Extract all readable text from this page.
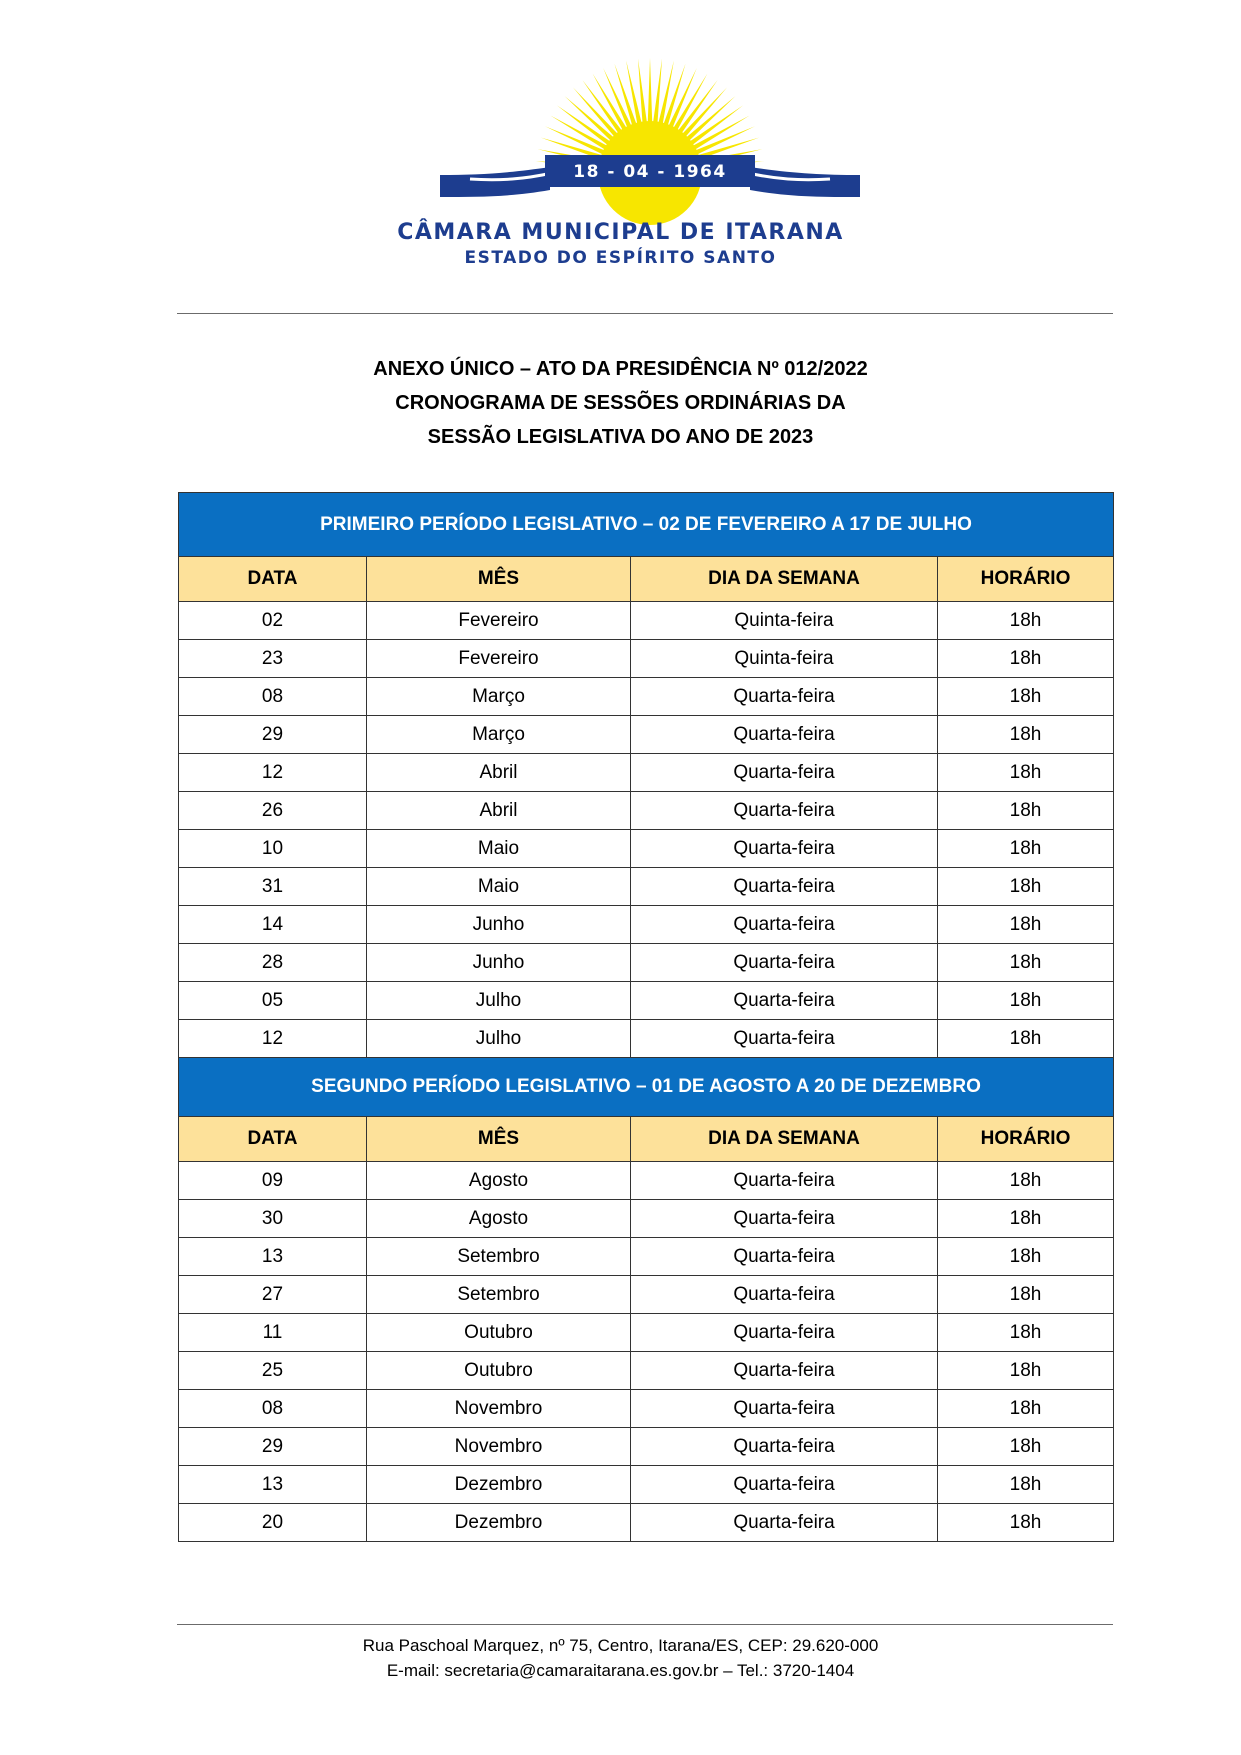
18 - 04 - 1964
CÂMARA MUNICIPAL DE ITARANA
ESTADO DO ESPÍRITO SANTO
ANEXO ÚNICO – ATO DA PRESIDÊNCIA Nº 012/2022
CRONOGRAMA DE SESSÕES ORDINÁRIAS DA
SESSÃO LEGISLATIVA DO ANO DE 2023
PRIMEIRO PERÍODO LEGISLATIVO – 02 DE FEVEREIRO A 17 DE JULHO			
DATA	MÊS	DIA DA SEMANA	HORÁRIO
02	Fevereiro	Quinta-feira	18h
23	Fevereiro	Quinta-feira	18h
08	Março	Quarta-feira	18h
29	Março	Quarta-feira	18h
12	Abril	Quarta-feira	18h
26	Abril	Quarta-feira	18h
10	Maio	Quarta-feira	18h
31	Maio	Quarta-feira	18h
14	Junho	Quarta-feira	18h
28	Junho	Quarta-feira	18h
05	Julho	Quarta-feira	18h
12	Julho	Quarta-feira	18h
SEGUNDO PERÍODO LEGISLATIVO – 01 DE AGOSTO A 20 DE DEZEMBRO			
DATA	MÊS	DIA DA SEMANA	HORÁRIO
09	Agosto	Quarta-feira	18h
30	Agosto	Quarta-feira	18h
13	Setembro	Quarta-feira	18h
27	Setembro	Quarta-feira	18h
11	Outubro	Quarta-feira	18h
25	Outubro	Quarta-feira	18h
08	Novembro	Quarta-feira	18h
29	Novembro	Quarta-feira	18h
13	Dezembro	Quarta-feira	18h
20	Dezembro	Quarta-feira	18h
Rua Paschoal Marquez, nº 75, Centro, Itarana/ES, CEP: 29.620-000
E-mail: secretaria@camaraitarana.es.gov.br – Tel.: 3720-1404
